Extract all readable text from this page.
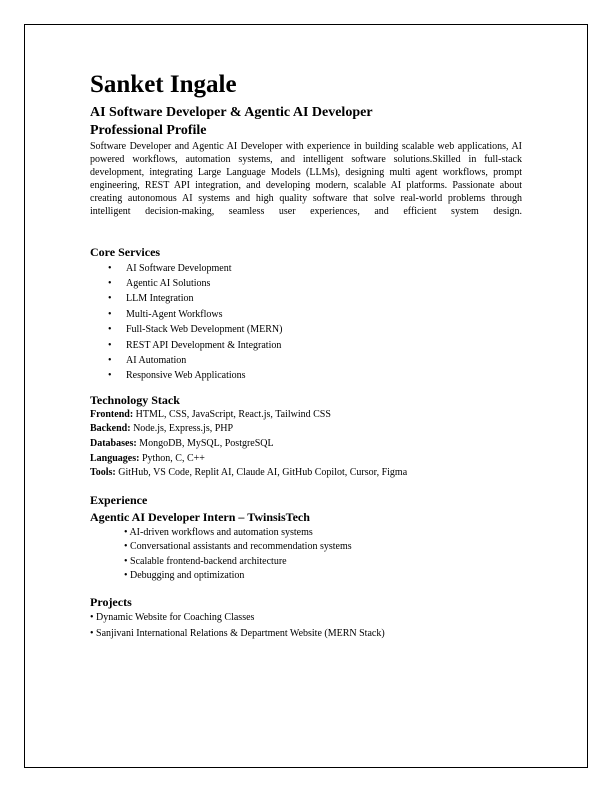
Sanket Ingale
AI Software Developer & Agentic AI Developer
Professional Profile
Software Developer and Agentic AI Developer with experience in building scalable web applications, AI powered workflows, automation systems, and intelligent software solutions.Skilled in full-stack development, integrating Large Language Models (LLMs), designing multi agent workflows, prompt engineering, REST API integration, and developing modern, scalable AI platforms. Passionate about creating autonomous AI systems and high quality software that solve real-world problems through intelligent decision-making, seamless user experiences, and efficient system design.
Core Services
• AI Software Development
• Agentic AI Solutions
• LLM Integration
• Multi-Agent Workflows
• Full-Stack Web Development (MERN)
• REST API Development & Integration
• AI Automation
• Responsive Web Applications
Technology Stack
Frontend: HTML, CSS, JavaScript, React.js, Tailwind CSS
Backend: Node.js, Express.js, PHP
Databases: MongoDB, MySQL, PostgreSQL
Languages: Python, C, C++
Tools: GitHub, VS Code, Replit AI, Claude AI, GitHub Copilot, Cursor, Figma
Experience
Agentic AI Developer Intern – TwinsisTech
• AI-driven workflows and automation systems
• Conversational assistants and recommendation systems
• Scalable frontend-backend architecture
• Debugging and optimization
Projects
• Dynamic Website for Coaching Classes
• Sanjivani International Relations & Department Website (MERN Stack)
